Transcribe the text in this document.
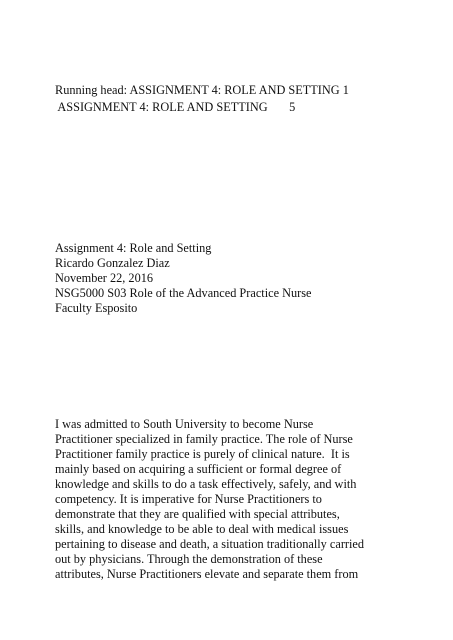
Running head: ASSIGNMENT 4: ROLE AND SETTING 1

ASSIGNMENT 4: ROLE AND SETTING       5

Assignment 4: Role and Setting

Ricardo Gonzalez Diaz

November 22, 2016

NSG5000 S03 Role of the Advanced Practice Nurse

Faculty Esposito

I was admitted to South University to become Nurse

Practitioner specialized in family practice. The role of Nurse

Practitioner family practice is purely of clinical nature.  It is

mainly based on acquiring a sufficient or formal degree of

knowledge and skills to do a task effectively, safely, and with

competency. It is imperative for Nurse Practitioners to

demonstrate that they are qualified with special attributes,

skills, and knowledge to be able to deal with medical issues

pertaining to disease and death, a situation traditionally carried

out by physicians. Through the demonstration of these

attributes, Nurse Practitioners elevate and separate them from
